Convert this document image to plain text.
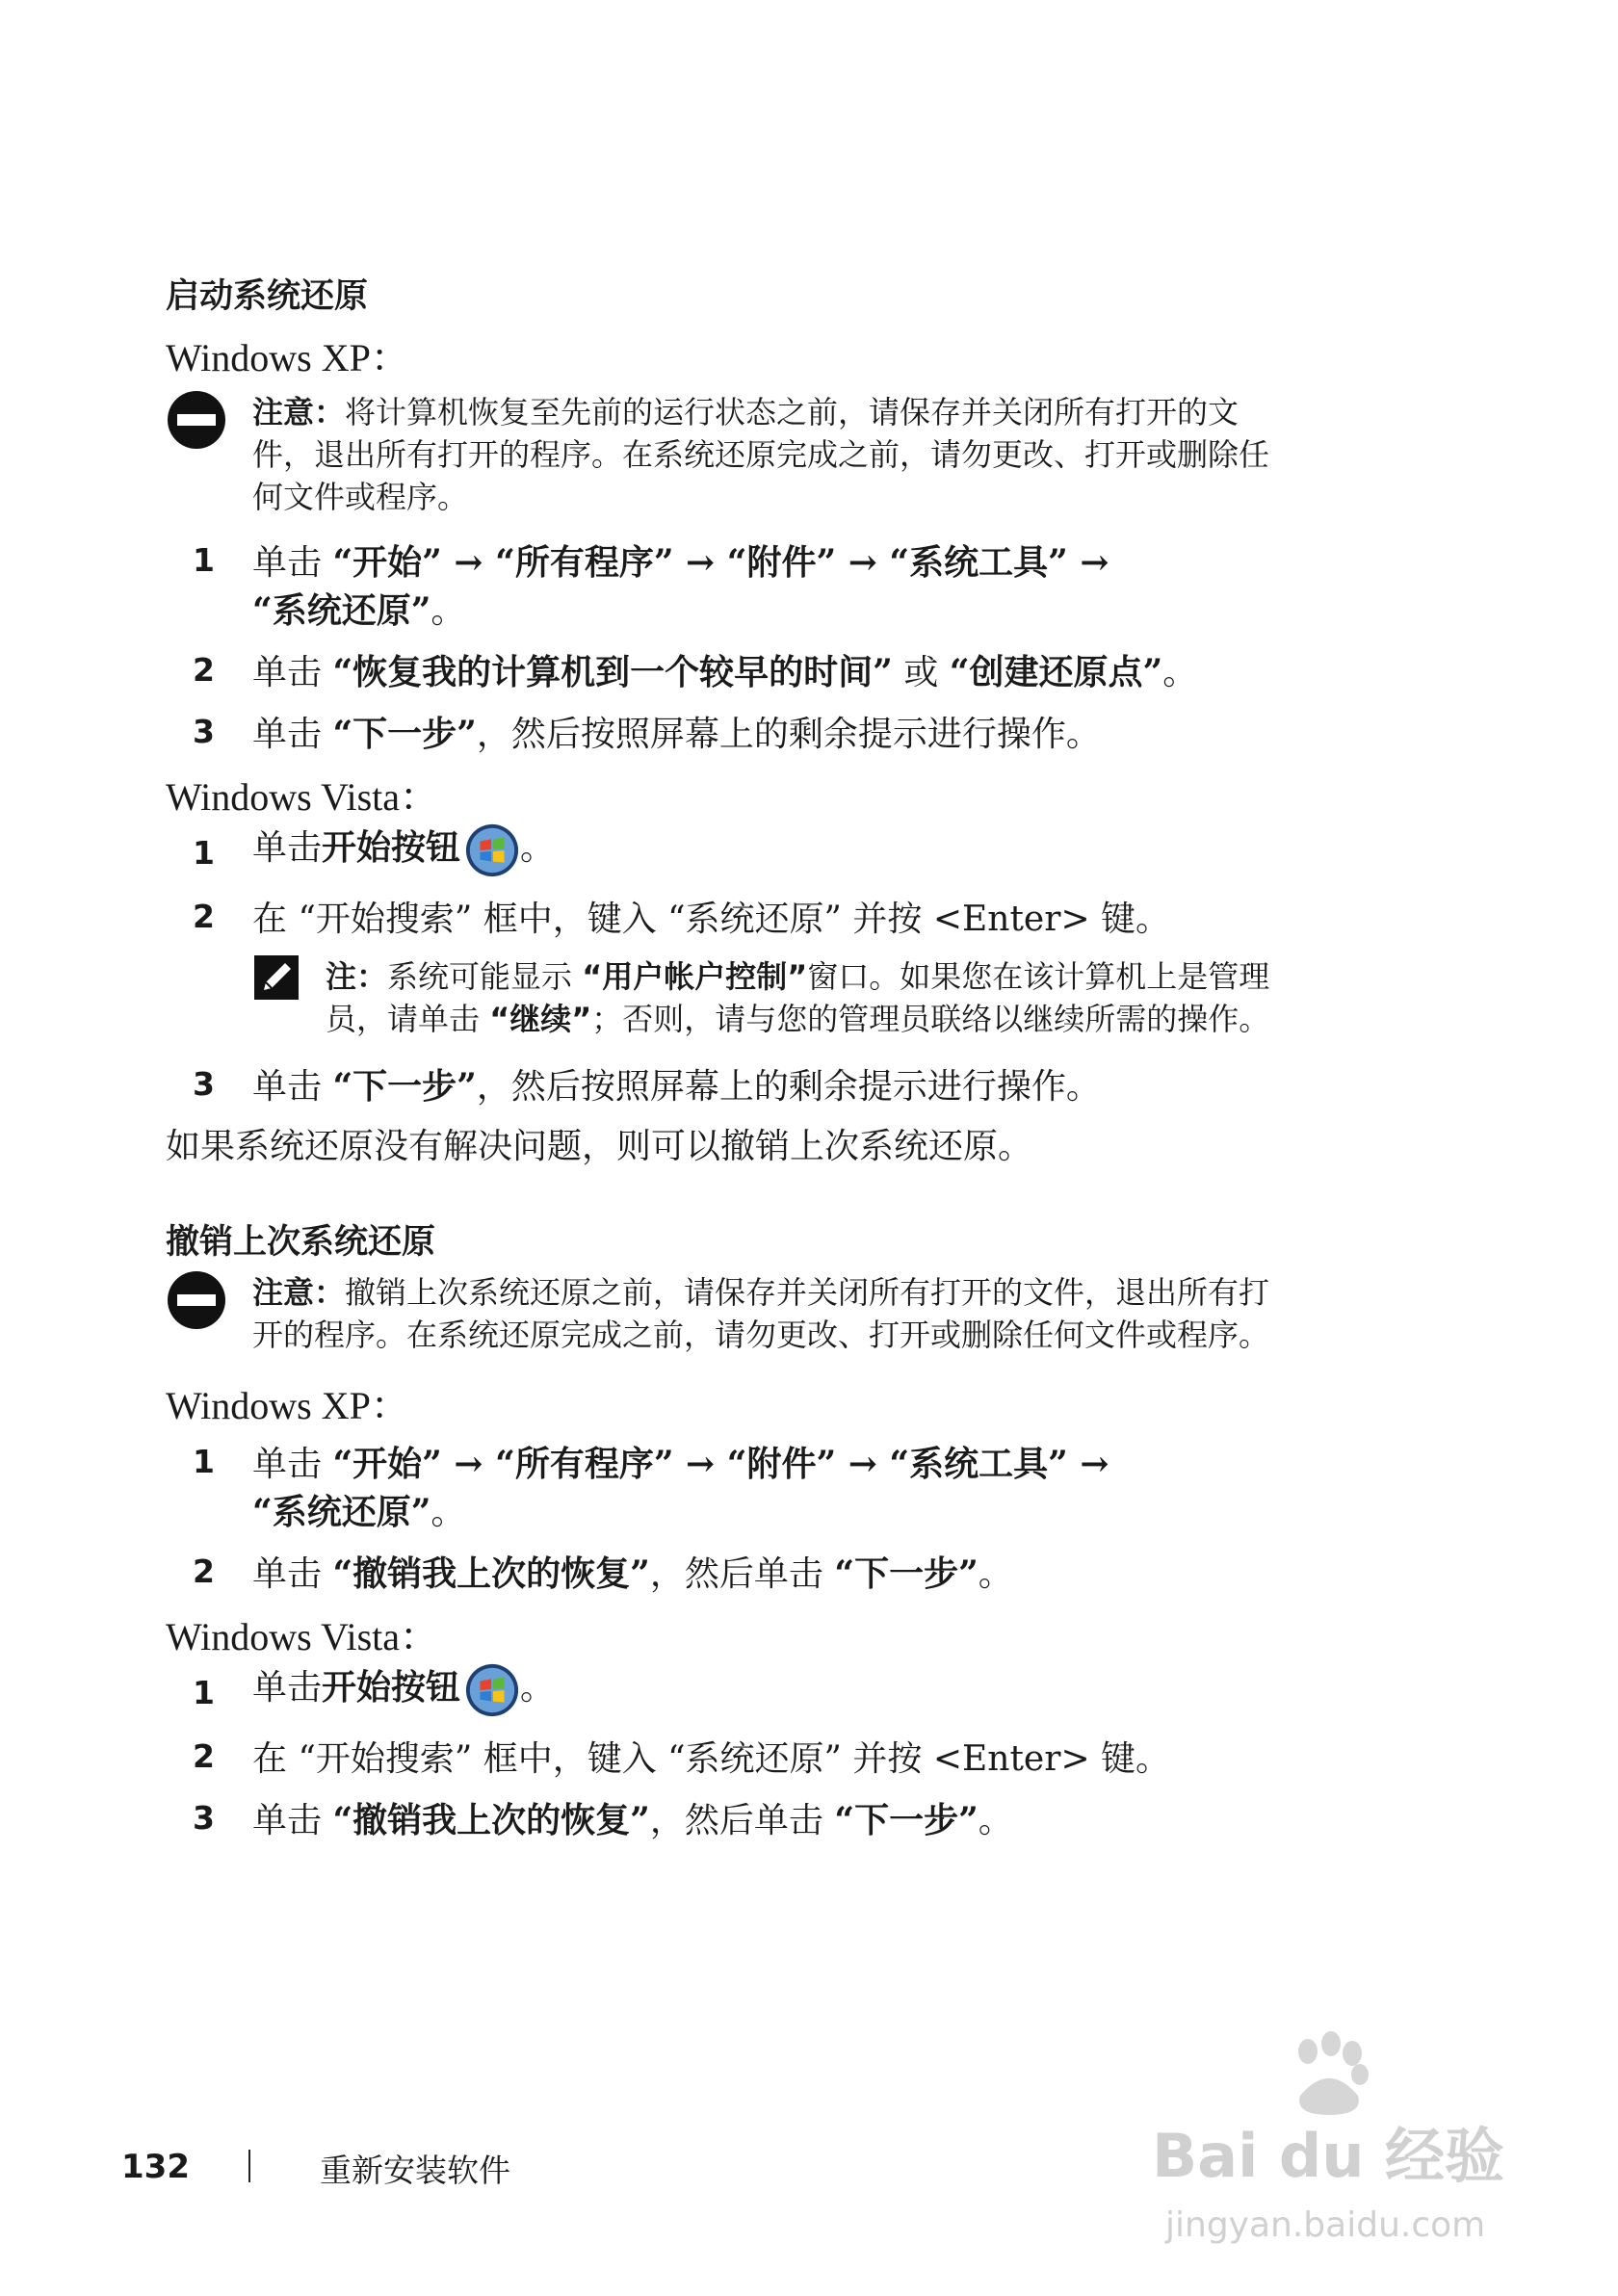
启动系统还原
Windows XP：
注意：将计算机恢复至先前的运行状态之前，请保存并关闭所有打开的文
件，退出所有打开的程序。在系统还原完成之前，请勿更改、打开或删除任
何文件或程序。
1 单击 “开始” → “所有程序” → “附件” → “系统工具” →
“系统还原”。
2 单击 “恢复我的计算机到一个较早的时间” 或 “创建还原点”。
3 单击 “下一步”，然后按照屏幕上的剩余提示进行操作。
Windows Vista：
1 单击开始按钮 。
2 在 “开始搜索” 框中，键入 “系统还原” 并按 <Enter> 键。
注：系统可能显示 “用户帐户控制”窗口。如果您在该计算机上是管理
员，请单击 “继续”；否则，请与您的管理员联络以继续所需的操作。
3 单击 “下一步”，然后按照屏幕上的剩余提示进行操作。
如果系统还原没有解决问题，则可以撤销上次系统还原。
撤销上次系统还原
注意：撤销上次系统还原之前，请保存并关闭所有打开的文件，退出所有打
开的程序。在系统还原完成之前，请勿更改、打开或删除任何文件或程序。
Windows XP：
1 单击 “开始” → “所有程序” → “附件” → “系统工具” →
“系统还原”。
2 单击 “撤销我上次的恢复”，然后单击 “下一步”。
Windows Vista：
1 单击开始按钮 。
2 在 “开始搜索” 框中，键入 “系统还原” 并按 <Enter> 键。
3 单击 “撤销我上次的恢复”，然后单击 “下一步”。
132	重新安装软件	Bai du 经验
jingyan.baidu.com
